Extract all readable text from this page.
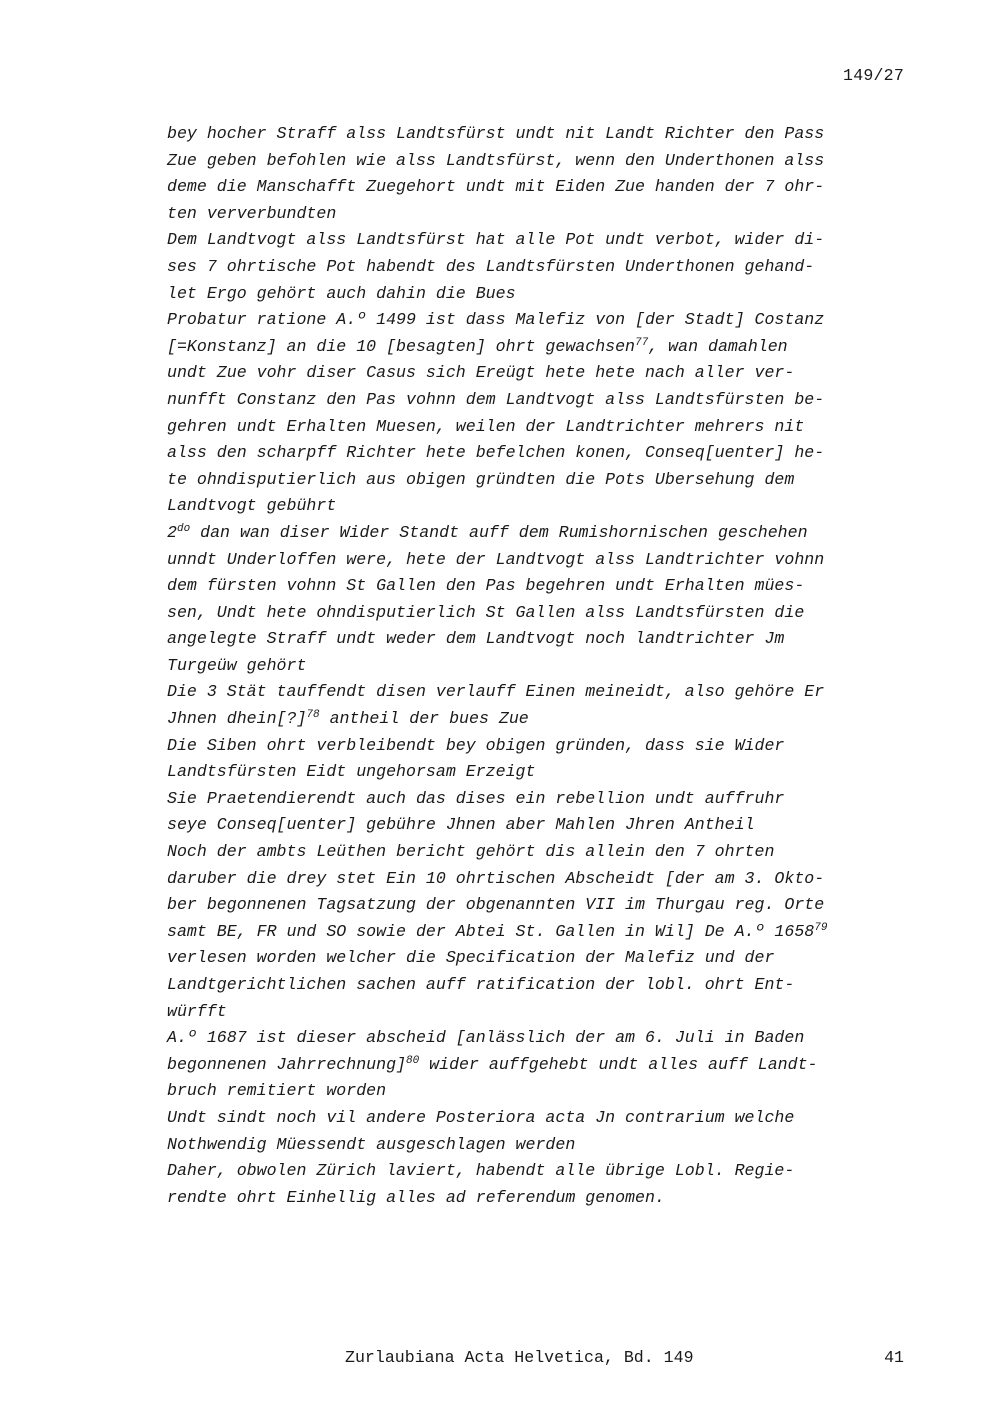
149/27
bey hocher Straff alss Landtsfürst undt nit Landt Richter den Pass
Zue geben befohlen wie alss Landtsfürst, wenn den Underthonen alss
deme die Manschafft Zuegehort undt mit Eiden Zue handen der 7 ohr-
ten ververbundten
Dem Landtvogt alss Landtsfürst hat alle Pot undt verbot, wider di-
ses 7 ohrtische Pot habendt des Landtsfürsten Underthonen gehand-
let Ergo gehört auch dahin die Bues
Probatur ratione A.º 1499 ist dass Malefiz von [der Stadt] Costanz
[=Konstanz] an die 10 [besagten] ohrt gewachsen$^{77}$, wan damahlen
undt Zue vohr diser Casus sich Ereügt hete hete nach aller ver-
nunfft Constanz den Pas vohnn dem Landtvogt alss Landtsfürsten be-
gehren undt Erhalten Muesen, weilen der Landtrichter mehrers nit
alss den scharpff Richter hete befelchen konen, Conseq[uenter] he-
te ohndisputierlich aus obigen gründten die Pots Ubersehung dem
Landtvogt gebührt
$2^{do}$ dan wan diser Wider Standt auff dem Rumishornischen geschehen
unndt Underloffen were, hete der Landtvogt alss Landtrichter vohnn
dem fürsten vohnn St Gallen den Pas begehren undt Erhalten mües-
sen, Undt hete ohndisputierlich St Gallen alss Landtsfürsten die
angelegte Straff undt weder dem Landtvogt noch landtrichter Jm
Turgeüw gehört
Die 3 Stät tauffendt disen verlauff Einen meineidt, also gehöre Er
Jhnen dhein[?]$^{78}$ antheil der bues Zue
Die Siben ohrt verbleibendt bey obigen gründen, dass sie Wider
Landtsfürsten Eidt ungehorsam Erzeigt
Sie Praetendierendt auch das dises ein rebellion undt auffruhr
seye Conseq[uenter] gebühre Jhnen aber Mahlen Jhren Antheil
Noch der ambts Leüthen bericht gehört dis allein den 7 ohrten
daruber die drey stet Ein 10 ohrtischen Abscheidt [der am 3. Okto-
ber begonnenen Tagsatzung der obgenannten VII im Thurgau reg. Orte
samt BE, FR und SO sowie der Abtei St. Gallen in Wil] De A.º 1658$^{79}$
verlesen worden welcher die Specification der Malefiz und der
Landtgerichtlichen sachen auff ratification der lobl. ohrt Ent-
würfft
A.º 1687 ist dieser abscheid [anlässlich der am 6. Juli in Baden
begonnenen Jahrrechnung]$^{80}$ wider auffgehebt undt alles auff Landt-
bruch remitiert worden
Undt sindt noch vil andere Posteriora acta Jn contrarium welche
Nothwendig Müessendt ausgeschlagen werden
Daher, obwolen Zürich laviert, habendt alle übrige Lobl. Regie-
rendte ohrt Einhellig alles ad referendum genomen.
Zurlaubiana Acta Helvetica, Bd. 149	41
